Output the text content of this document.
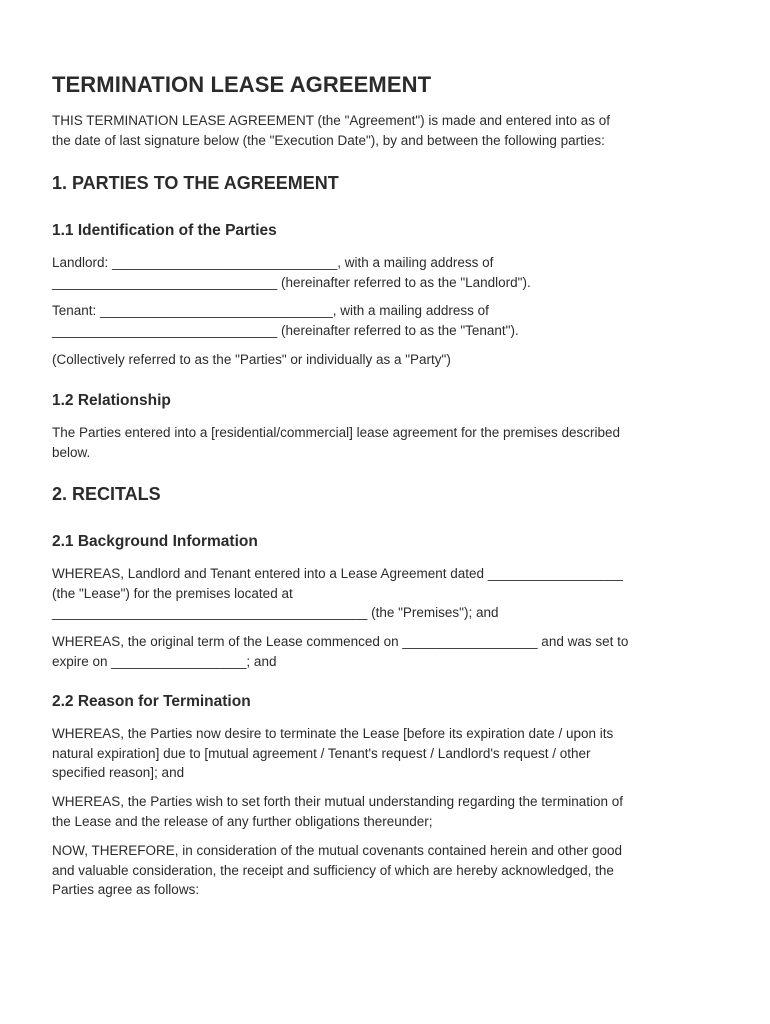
TERMINATION LEASE AGREEMENT

THIS TERMINATION LEASE AGREEMENT (the "Agreement") is made and entered into as of
the date of last signature below (the "Execution Date"), by and between the following parties:

1. PARTIES TO THE AGREEMENT
1.1 Identification of the Parties

Landlord: ______________________________, with a mailing address of
______________________________ (hereinafter referred to as the "Landlord").

Tenant: _______________________________, with a mailing address of
______________________________ (hereinafter referred to as the "Tenant").

(Collectively referred to as the "Parties" or individually as a "Party")

1.2 Relationship

The Parties entered into a [residential/commercial] lease agreement for the premises described
below.

2. RECITALS
2.1 Background Information

WHEREAS, Landlord and Tenant entered into a Lease Agreement dated __________________
(the "Lease") for the premises located at
__________________________________________ (the "Premises"); and

WHEREAS, the original term of the Lease commenced on __________________ and was set to
expire on __________________; and

2.2 Reason for Termination

WHEREAS, the Parties now desire to terminate the Lease [before its expiration date / upon its
natural expiration] due to [mutual agreement / Tenant's request / Landlord's request / other
specified reason]; and

WHEREAS, the Parties wish to set forth their mutual understanding regarding the termination of
the Lease and the release of any further obligations thereunder;

NOW, THEREFORE, in consideration of the mutual covenants contained herein and other good
and valuable consideration, the receipt and sufficiency of which are hereby acknowledged, the
Parties agree as follows:
